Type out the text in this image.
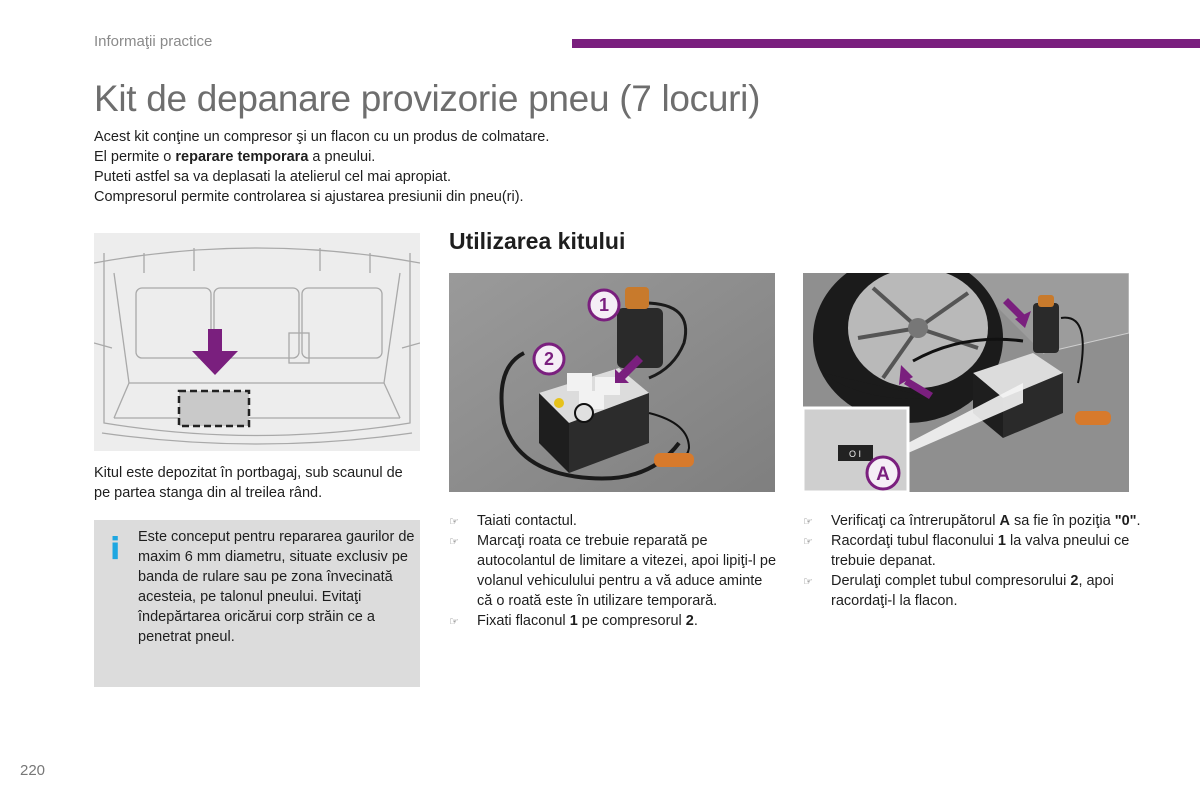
Informaţii practice
Kit de depanare provizorie pneu (7 locuri)

Acest kit conţine un compresor şi un flacon cu un produs de colmatare.

El permite o reparare temporara a pneului.

Puteti astfel sa va deplasati la atelierul cel mai apropiat.

Compresorul permite controlarea si ajustarea presiunii din pneu(ri).

Kitul este depozitat în portbagaj, sub scaunul de pe partea stanga din al treilea rând.
i Este conceput pentru repararea gaurilor de maxim 6 mm diametru, situate exclusiv pe banda de rulare sau pe zona învecinată acesteia, pe talonul pneului. Evitaţi îndepărtarea oricărui corp străin ce a penetrat pneul.
Utilizarea kitului
1
2
O I
A
☞ Taiati contactul.
☞ Marcaţi roata ce trebuie reparată pe autocolantul de limitare a vitezei, apoi lipiţi-l pe volanul vehiculului pentru a vă aduce aminte că o roată este în utilizare temporară.
☞ Fixati flaconul 1 pe compresorul 2.
☞ Verificaţi ca întrerupătorul A sa fie în poziţia "0".
☞ Racordaţi tubul flaconului 1 la valva pneului ce trebuie depanat.
☞ Derulaţi complet tubul compresorului 2, apoi racordaţi-l la flacon.
220
